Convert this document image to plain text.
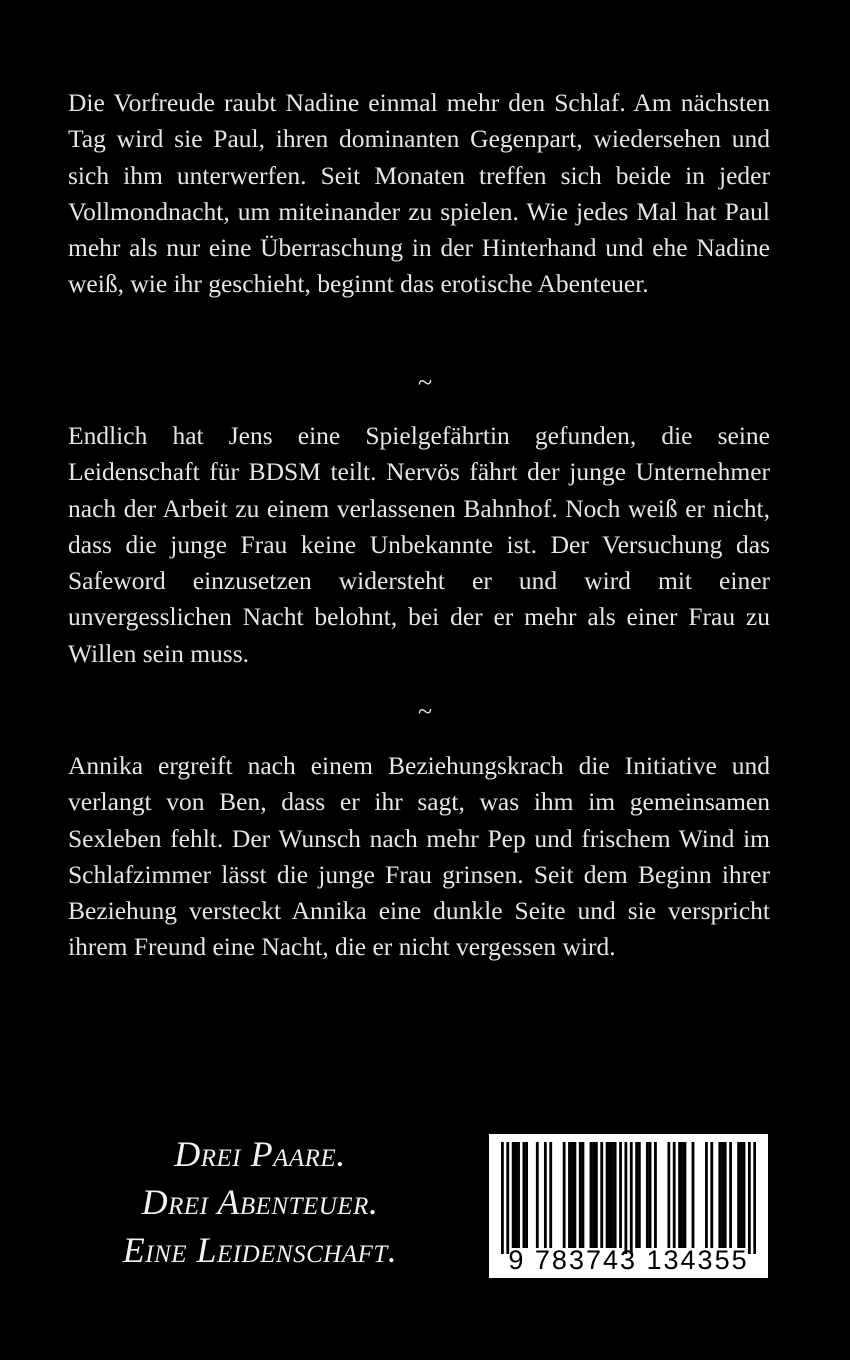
Die Vorfreude raubt Nadine einmal mehr den Schlaf. Am nächsten Tag wird sie Paul, ihren dominanten Gegenpart, wiedersehen und sich ihm unterwerfen. Seit Monaten treffen sich beide in jeder Vollmondnacht, um miteinander zu spielen. Wie jedes Mal hat Paul mehr als nur eine Überraschung in der Hinterhand und ehe Nadine weiß, wie ihr geschieht, beginnt das erotische Abenteuer.

~

Endlich hat Jens eine Spielgefährtin gefunden, die seine Leidenschaft für BDSM teilt. Nervös fährt der junge Unternehmer nach der Arbeit zu einem verlassenen Bahnhof. Noch weiß er nicht, dass die junge Frau keine Unbekannte ist. Der Versuchung das Safeword einzusetzen widersteht er und wird mit einer unvergesslichen Nacht belohnt, bei der er mehr als einer Frau zu Willen sein muss.

~

Annika ergreift nach einem Beziehungskrach die Initiative und verlangt von Ben, dass er ihr sagt, was ihm im gemeinsamen Sexleben fehlt. Der Wunsch nach mehr Pep und frischem Wind im Schlafzimmer lässt die junge Frau grinsen. Seit dem Beginn ihrer Beziehung versteckt Annika eine dunkle Seite und sie verspricht ihrem Freund eine Nacht, die er nicht vergessen wird.

Drei Paare.
Drei Abenteuer.
Eine Leidenschaft.	9 783743 134355
